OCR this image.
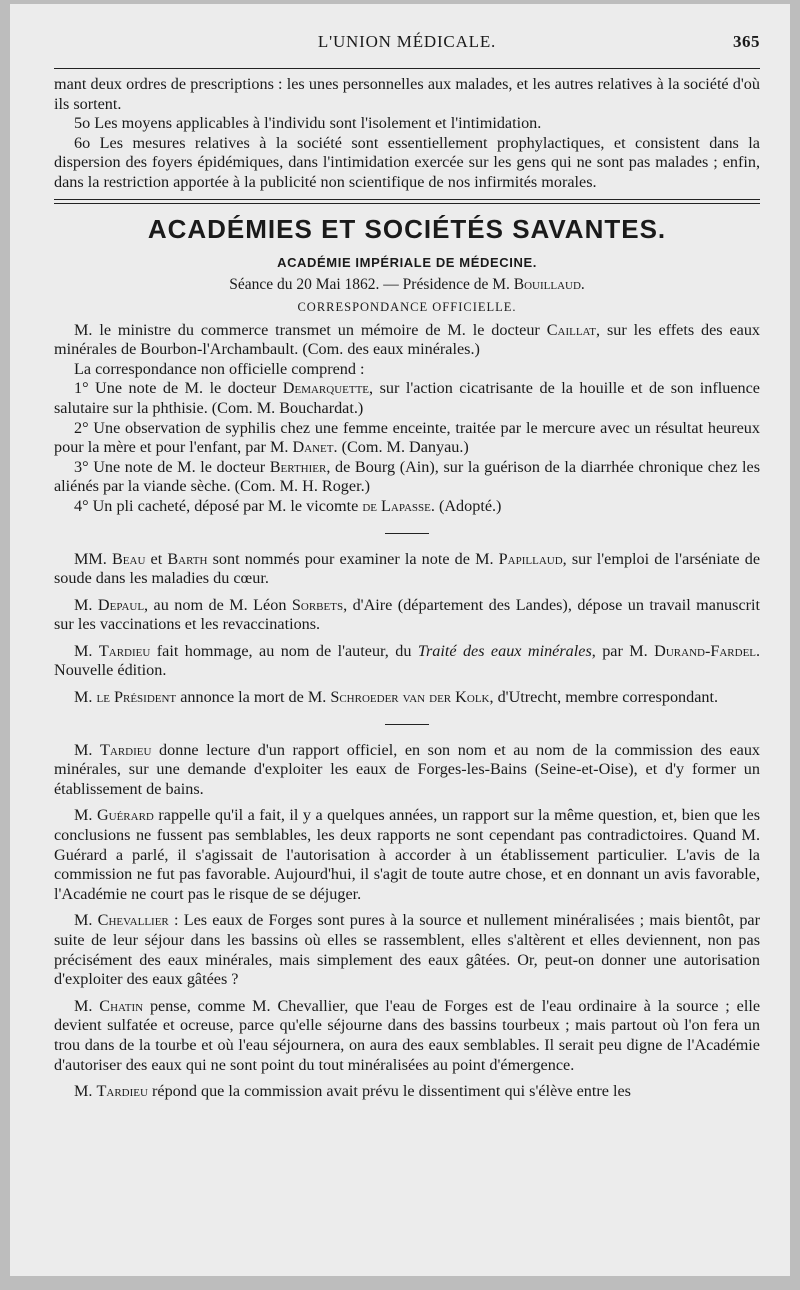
L'UNION MÉDICALE.	365

mant deux ordres de prescriptions : les unes personnelles aux malades, et les autres relatives à la société d'où ils sortent.

5o Les moyens applicables à l'individu sont l'isolement et l'intimidation.

6o Les mesures relatives à la société sont essentiellement prophylactiques, et consistent dans la dispersion des foyers épidémiques, dans l'intimidation exercée sur les gens qui ne sont pas malades ; enfin, dans la restriction apportée à la publicité non scientifique de nos infirmités morales.

ACADÉMIES ET SOCIÉTÉS SAVANTES.
ACADÉMIE IMPÉRIALE DE MÉDECINE.
Séance du 20 Mai 1862. — Présidence de M. Bouillaud.
CORRESPONDANCE OFFICIELLE.

M. le ministre du commerce transmet un mémoire de M. le docteur Caillat, sur les effets des eaux minérales de Bourbon-l'Archambault. (Com. des eaux minérales.)

La correspondance non officielle comprend :

1° Une note de M. le docteur Demarquette, sur l'action cicatrisante de la houille et de son influence salutaire sur la phthisie. (Com. M. Bouchardat.)

2° Une observation de syphilis chez une femme enceinte, traitée par le mercure avec un résultat heureux pour la mère et pour l'enfant, par M. Danet. (Com. M. Danyau.)

3° Une note de M. le docteur Berthier, de Bourg (Ain), sur la guérison de la diarrhée chronique chez les aliénés par la viande sèche. (Com. M. H. Roger.)

4° Un pli cacheté, déposé par M. le vicomte de Lapasse. (Adopté.)

MM. Beau et Barth sont nommés pour examiner la note de M. Papillaud, sur l'emploi de l'arséniate de soude dans les maladies du cœur.

M. Depaul, au nom de M. Léon Sorbets, d'Aire (département des Landes), dépose un travail manuscrit sur les vaccinations et les revaccinations.

M. Tardieu fait hommage, au nom de l'auteur, du Traité des eaux minérales, par M. Durand-Fardel. Nouvelle édition.

M. le Président annonce la mort de M. Schroeder van der Kolk, d'Utrecht, membre correspondant.

M. Tardieu donne lecture d'un rapport officiel, en son nom et au nom de la commission des eaux minérales, sur une demande d'exploiter les eaux de Forges-les-Bains (Seine-et-Oise), et d'y former un établissement de bains.

M. Guérard rappelle qu'il a fait, il y a quelques années, un rapport sur la même question, et, bien que les conclusions ne fussent pas semblables, les deux rapports ne sont cependant pas contradictoires. Quand M. Guérard a parlé, il s'agissait de l'autorisation à accorder à un établissement particulier. L'avis de la commission ne fut pas favorable. Aujourd'hui, il s'agit de toute autre chose, et en donnant un avis favorable, l'Académie ne court pas le risque de se déjuger.

M. Chevallier : Les eaux de Forges sont pures à la source et nullement minéralisées ; mais bientôt, par suite de leur séjour dans les bassins où elles se rassemblent, elles s'altèrent et elles deviennent, non pas précisément des eaux minérales, mais simplement des eaux gâtées. Or, peut-on donner une autorisation d'exploiter des eaux gâtées ?

M. Chatin pense, comme M. Chevallier, que l'eau de Forges est de l'eau ordinaire à la source ; elle devient sulfatée et ocreuse, parce qu'elle séjourne dans des bassins tourbeux ; mais partout où l'on fera un trou dans de la tourbe et où l'eau séjournera, on aura des eaux semblables. Il serait peu digne de l'Académie d'autoriser des eaux qui ne sont point du tout minéralisées au point d'émergence.

M. Tardieu répond que la commission avait prévu le dissentiment qui s'élève entre les
